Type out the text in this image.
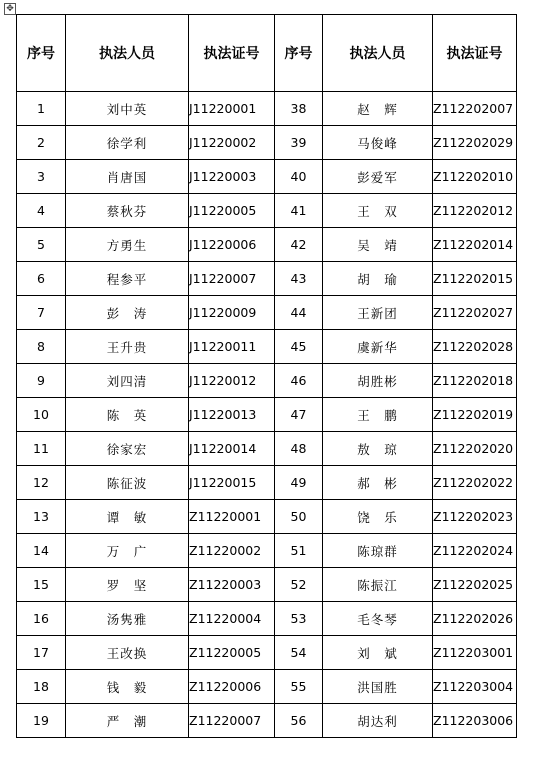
✥
序号	执法人员	执法证号	序号	执法人员	执法证号
1	刘中英	J11220001	38	赵　辉	Z112202007
2	徐学利	J11220002	39	马俊峰	Z112202029
3	肖唐国	J11220003	40	彭爱军	Z112202010
4	蔡秋芬	J11220005	41	王　双	Z112202012
5	方勇生	J11220006	42	吴　靖	Z112202014
6	程参平	J11220007	43	胡　瑜	Z112202015
7	彭　涛	J11220009	44	王新团	Z112202027
8	王升贵	J11220011	45	虞新华	Z112202028
9	刘四清	J11220012	46	胡胜彬	Z112202018
10	陈　英	J11220013	47	王　鹏	Z112202019
11	徐家宏	J11220014	48	敖　琼	Z112202020
12	陈征波	J11220015	49	郝　彬	Z112202022
13	谭　敏	Z11220001	50	饶　乐	Z112202023
14	万　广	Z11220002	51	陈琼群	Z112202024
15	罗　坚	Z11220003	52	陈振江	Z112202025
16	汤隽雅	Z11220004	53	毛冬琴	Z112202026
17	王改换	Z11220005	54	刘　斌	Z112203001
18	钱　毅	Z11220006	55	洪国胜	Z112203004
19	严　潮	Z11220007	56	胡达利	Z112203006
